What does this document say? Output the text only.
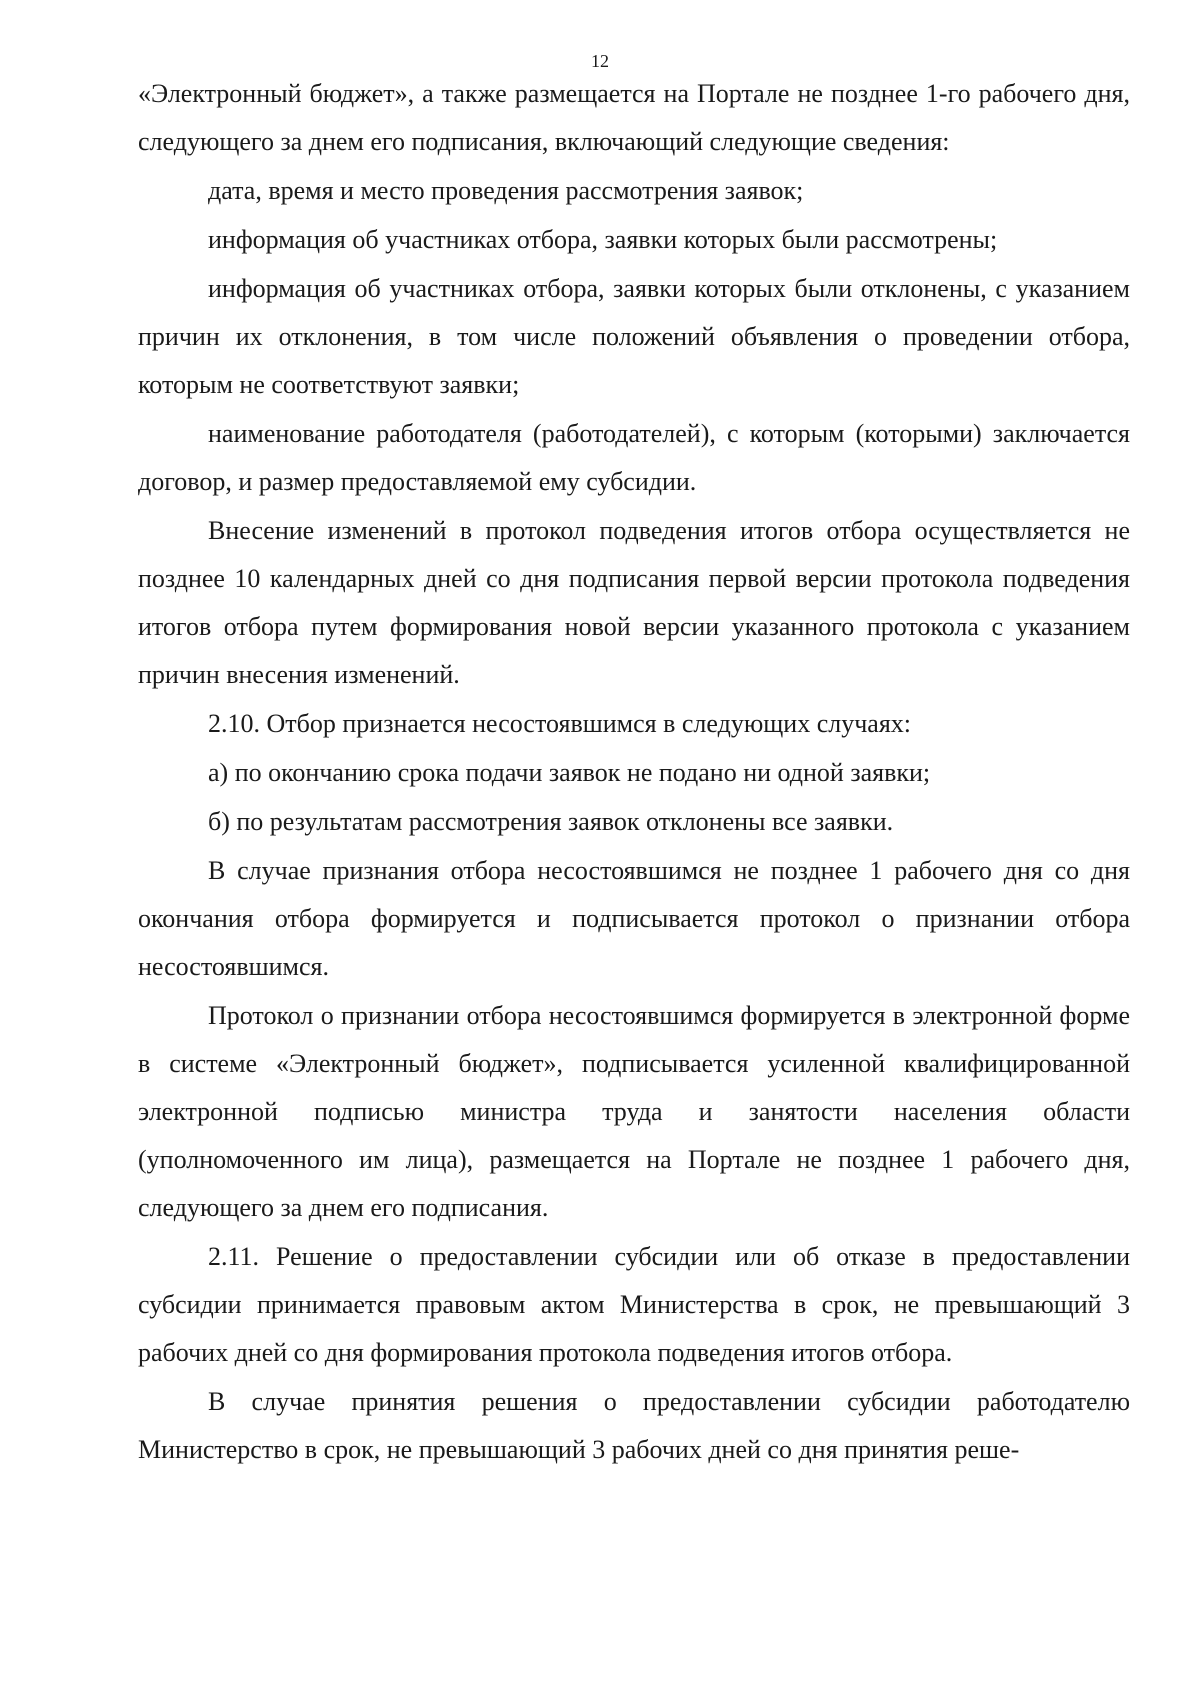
12

«Электронный бюджет», а также размещается на Портале не позднее 1-го рабочего дня, следующего за днем его подписания, включающий следующие сведения:

дата, время и место проведения рассмотрения заявок;

информация об участниках отбора, заявки которых были рассмотрены;

информация об участниках отбора, заявки которых были отклонены, с указанием причин их отклонения, в том числе положений объявления о проведении отбора, которым не соответствуют заявки;

наименование работодателя (работодателей), с которым (которыми) заключается договор, и размер предоставляемой ему субсидии.

Внесение изменений в протокол подведения итогов отбора осуществляется не позднее 10 календарных дней со дня подписания первой версии протокола подведения итогов отбора путем формирования новой версии указанного протокола с указанием причин внесения изменений.

2.10. Отбор признается несостоявшимся в следующих случаях:

а) по окончанию срока подачи заявок не подано ни одной заявки;

б) по результатам рассмотрения заявок отклонены все заявки.

В случае признания отбора несостоявшимся не позднее 1 рабочего дня со дня окончания отбора формируется и подписывается протокол о признании отбора несостоявшимся.

Протокол о признании отбора несостоявшимся формируется в электронной форме в системе «Электронный бюджет», подписывается усиленной квалифицированной электронной подписью министра труда и занятости населения области (уполномоченного им лица), размещается на Портале не позднее 1 рабочего дня, следующего за днем его подписания.

2.11. Решение о предоставлении субсидии или об отказе в предоставлении субсидии принимается правовым актом Министерства в срок, не превышающий 3 рабочих дней со дня формирования протокола подведения итогов отбора.

В случае принятия решения о предоставлении субсидии работодателю Министерство в срок, не превышающий 3 рабочих дней со дня принятия реше-
